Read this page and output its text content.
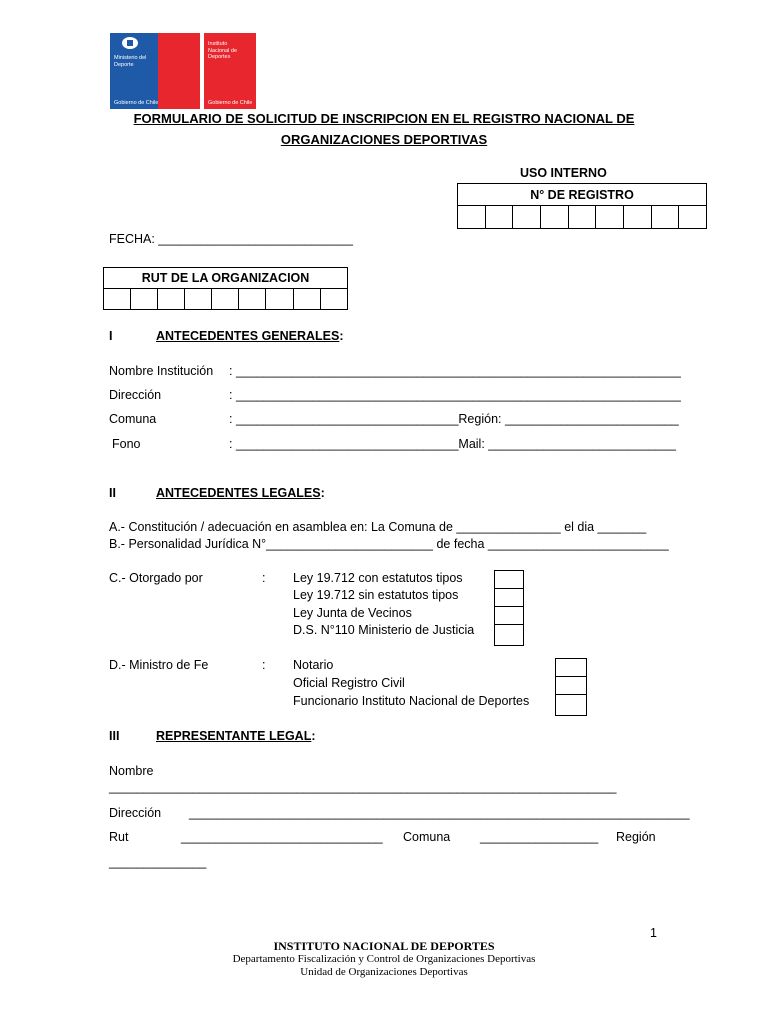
Ministerio del Deporte
Gobierno de Chile
Instituto Nacional de Deportes
Gobierno de Chile
FORMULARIO DE SOLICITUD DE INSCRIPCION EN EL REGISTRO NACIONAL DE
ORGANIZACIONES DEPORTIVAS
USO INTERNO
N° DE REGISTRO

FECHA: ____________________________
RUT DE LA ORGANIZACION

I	ANTECEDENTES GENERALES:
Nombre Institución : ________________________________________________________________
Dirección	: ________________________________________________________________
Comuna	: ________________________________Región: _________________________
Fono	: ________________________________Mail: ___________________________
II	ANTECEDENTES LEGALES:
A.- Constitución / adecuación en asamblea en: La Comuna de _______________ el dia _______
B.- Personalidad Jurídica N°________________________ de fecha __________________________
C.- Otorgado por	: Ley 19.712 con estatutos tipos
Ley 19.712 sin estatutos tipos
Ley Junta de Vecinos
D.S. N°110 Ministerio de Justicia
D.- Ministro de Fe	: Notario
Oficial Registro Civil
Funcionario Instituto Nacional de Deportes
III	REPRESENTANTE LEGAL:
Nombre
_________________________________________________________________________
Dirección ________________________________________________________________________
Rut	_____________________________ Comuna _________________ Región
______________
1
INSTITUTO NACIONAL DE DEPORTES
Departamento Fiscalización y Control de Organizaciones Deportivas
Unidad de Organizaciones Deportivas
